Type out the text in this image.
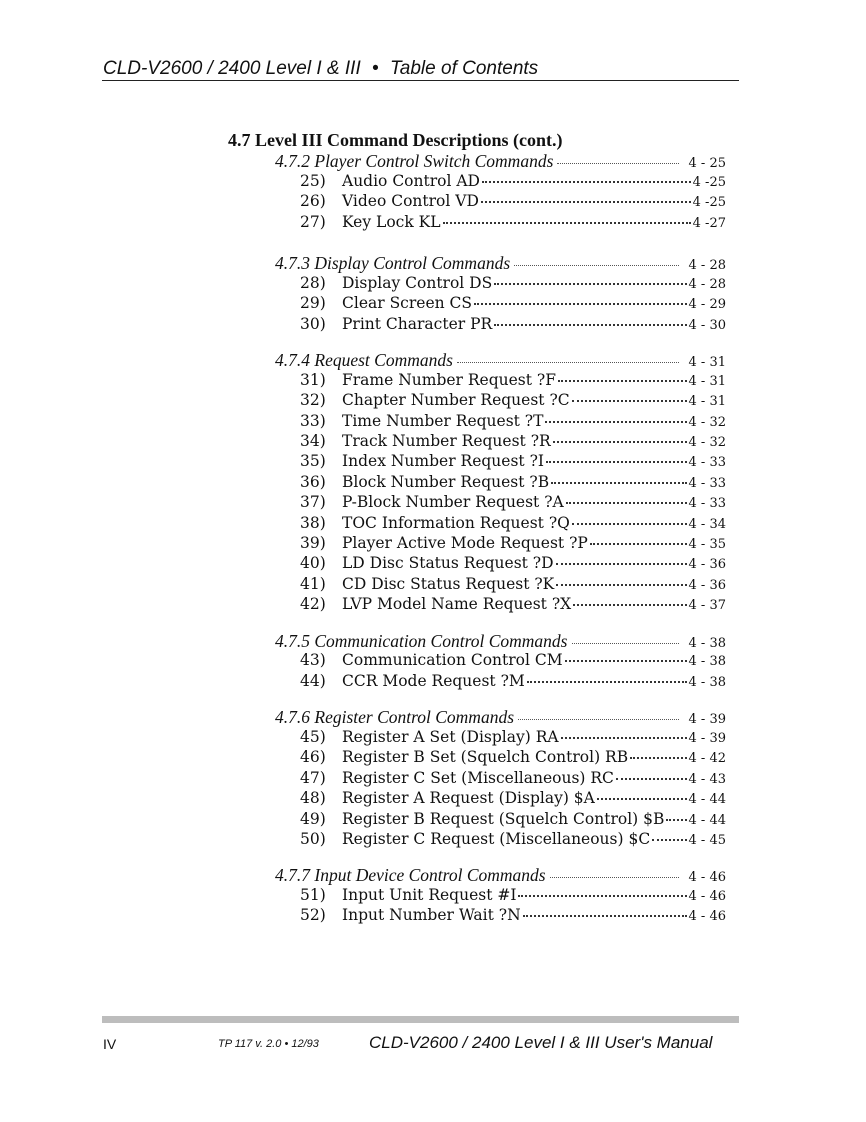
CLD-V2600 / 2400 Level I & III • Table of Contents
4.7 Level III Command Descriptions (cont.)
4.7.2 Player Control Switch Commands	4 - 25
25)	Audio Control AD	4 -25
26)	Video Control VD	4 -25
27)	Key Lock KL	4 -27
4.7.3 Display Control Commands	4 - 28
28)	Display Control DS	4 - 28
29)	Clear Screen CS	4 - 29
30)	Print Character PR	4 - 30
4.7.4 Request Commands	4 - 31
31)	Frame Number Request ?F	4 - 31
32)	Chapter Number Request ?C	4 - 31
33)	Time Number Request ?T	4 - 32
34)	Track Number Request ?R	4 - 32
35)	Index Number Request ?I	4 - 33
36)	Block Number Request ?B	4 - 33
37)	P-Block Number Request ?A	4 - 33
38)	TOC Information Request ?Q	4 - 34
39)	Player Active Mode Request ?P	4 - 35
40)	LD Disc Status Request ?D	4 - 36
41)	CD Disc Status Request ?K	4 - 36
42)	LVP Model Name Request ?X	4 - 37
4.7.5 Communication Control Commands	4 - 38
43)	Communication Control CM	4 - 38
44)	CCR Mode Request ?M	4 - 38
4.7.6 Register Control Commands	4 - 39
45)	Register A Set (Display) RA	4 - 39
46)	Register B Set (Squelch Control) RB	4 - 42
47)	Register C Set (Miscellaneous) RC	4 - 43
48)	Register A Request (Display) $A	4 - 44
49)	Register B Request (Squelch Control) $B 4 - 44
50)	Register C Request (Miscellaneous) $C	4 - 45
4.7.7 Input Device Control Commands	4 - 46
51)	Input Unit Request #I	4 - 46
52)	Input Number Wait ?N	4 - 46
IV	TP 117 v. 2.0 • 12/93	CLD-V2600 / 2400 Level I & III User's Manual
